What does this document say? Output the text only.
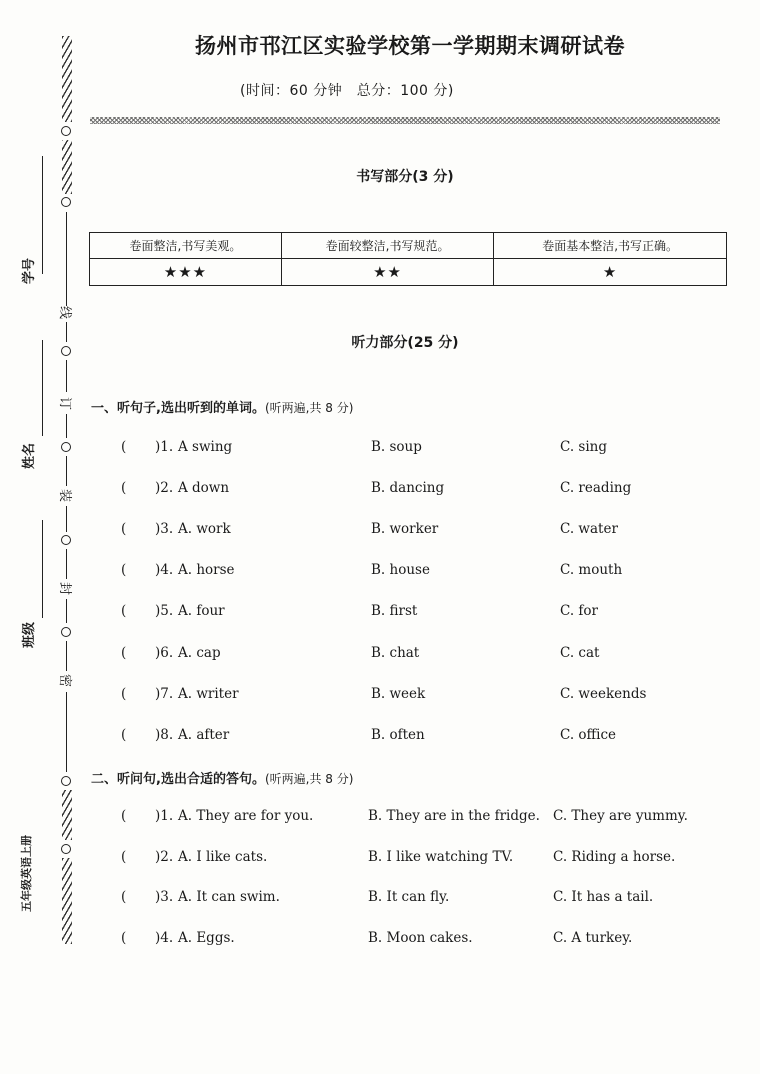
线
订
装
封
密
学号
姓名
班级
五年级英语上册
扬州市邗江区实验学校第一学期期末调研试卷
(时间：60 分钟　总分：100 分)
书写部分(3 分)
卷面整洁,书写美观。	卷面较整洁,书写规范。	卷面基本整洁,书写正确。
★★★	★★	★
听力部分(25 分)
一、听句子,选出听到的单词。(听两遍,共 8 分)
( )1. A swing	B. soup	C. sing
( )2. A down	B. dancing	C. reading
( )3. A. work	B. worker	C. water
( )4. A. horse	B. house	C. mouth
( )5. A. four	B. first	C. for
( )6. A. cap	B. chat	C. cat
( )7. A. writer	B. week	C. weekends
( )8. A. after	B. often	C. office
二、听问句,选出合适的答句。(听两遍,共 8 分)
( )1. A. They are for you.	B. They are in the fridge. C. They are yummy.
( )2. A. I like cats.	B. I like watching TV.	C. Riding a horse.
( )3. A. It can swim.	B. It can fly.	C. It has a tail.
( )4. A. Eggs.	B. Moon cakes.	C. A turkey.
